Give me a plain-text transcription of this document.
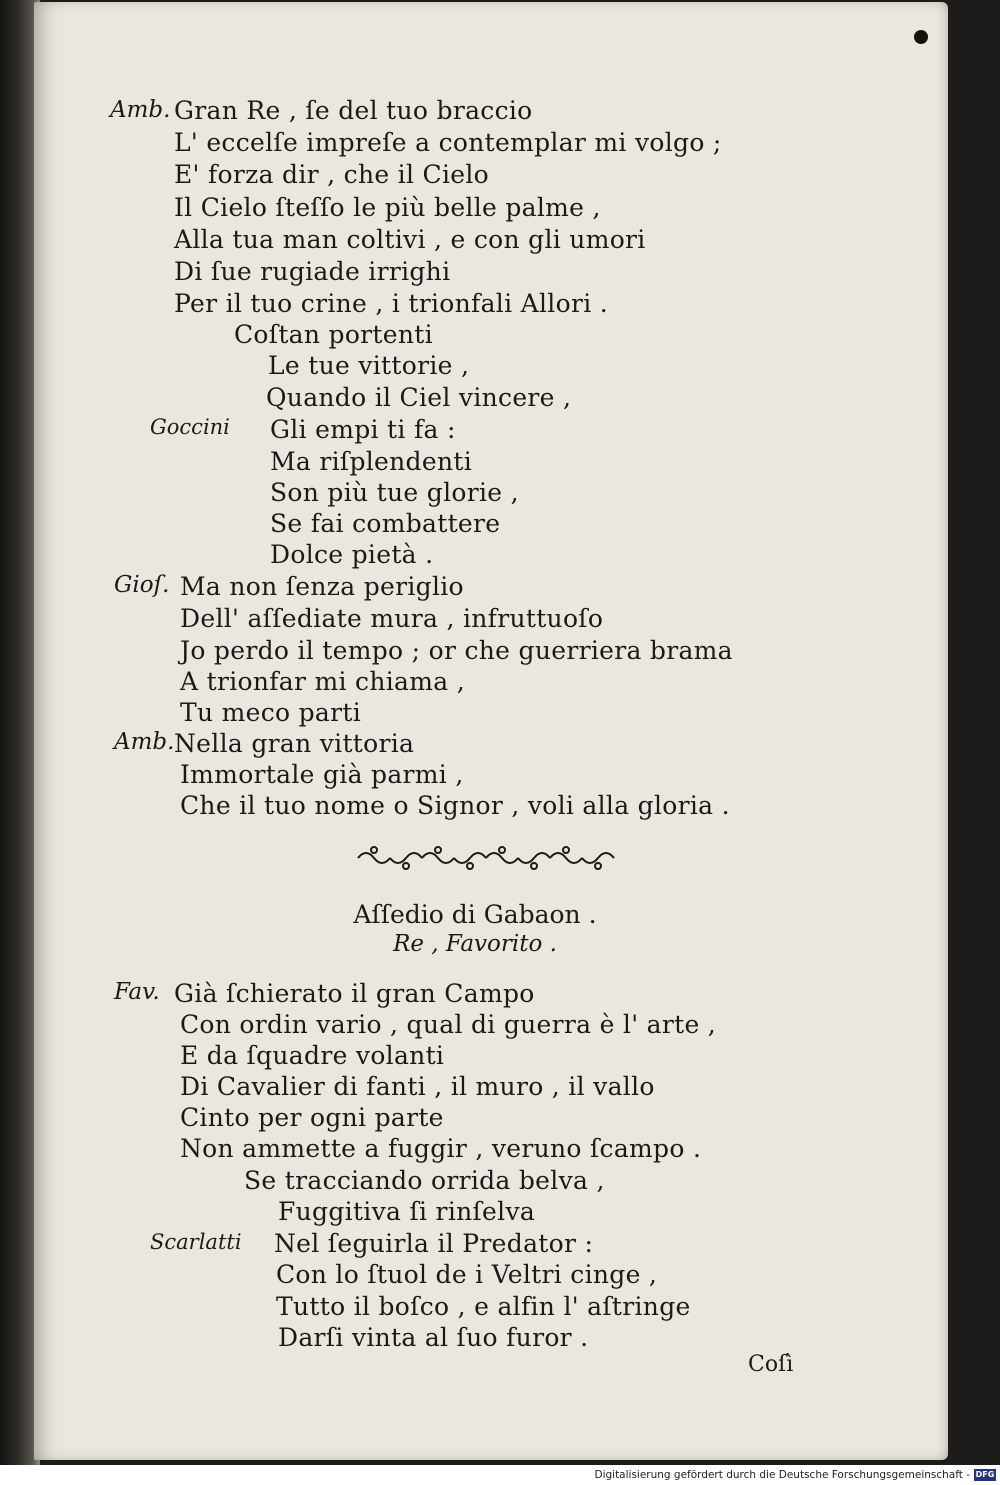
Amb.
Goccini
Gioſ.
Amb.
Fav.
Scarlatti
Gran Re , ſe del tuo braccio
L' eccelſe impreſe a contemplar mi volgo ;
E' forza dir , che il Cielo
Il Cielo ſteſſo le più belle palme ,
Alla tua man coltivi , e con gli umori
Di ſue rugiade irrighi
Per il tuo crine , i trionfali Allori .
Coſtan portenti
Le tue vittorie ,
Quando il Ciel vincere ,
Gli empi ti fa :
Ma riſplendenti
Son più tue glorie ,
Se fai combattere
Dolce pietà .
Ma non ſenza periglio
Dell' aſſediate mura , infruttuoſo
Jo perdo il tempo ; or che guerriera brama
A trionfar mi chiama ,
Tu meco parti
Nella gran vittoria
Immortale già parmi ,
Che il tuo nome o Signor , voli alla gloria .
Aſſedio di Gabaon .
Re , Favorito .
Già ſchierato il gran Campo
Con ordin vario , qual di guerra è l' arte ,
E da ſquadre volanti
Di Cavalier di fanti , il muro , il vallo
Cinto per ogni parte
Non ammette a fuggir , veruno ſcampo .
Se tracciando orrida belva ,
Fuggitiva ſi rinſelva
Nel ſeguirla il Predator :
Con lo ſtuol de i Veltri cinge ,
Tutto il boſco , e alfin l' aſtringe
Darſi vinta al ſuo furor .
Coſì
Digitalisierung gefördert durch die Deutsche Forschungsgemeinschaft - DFG
